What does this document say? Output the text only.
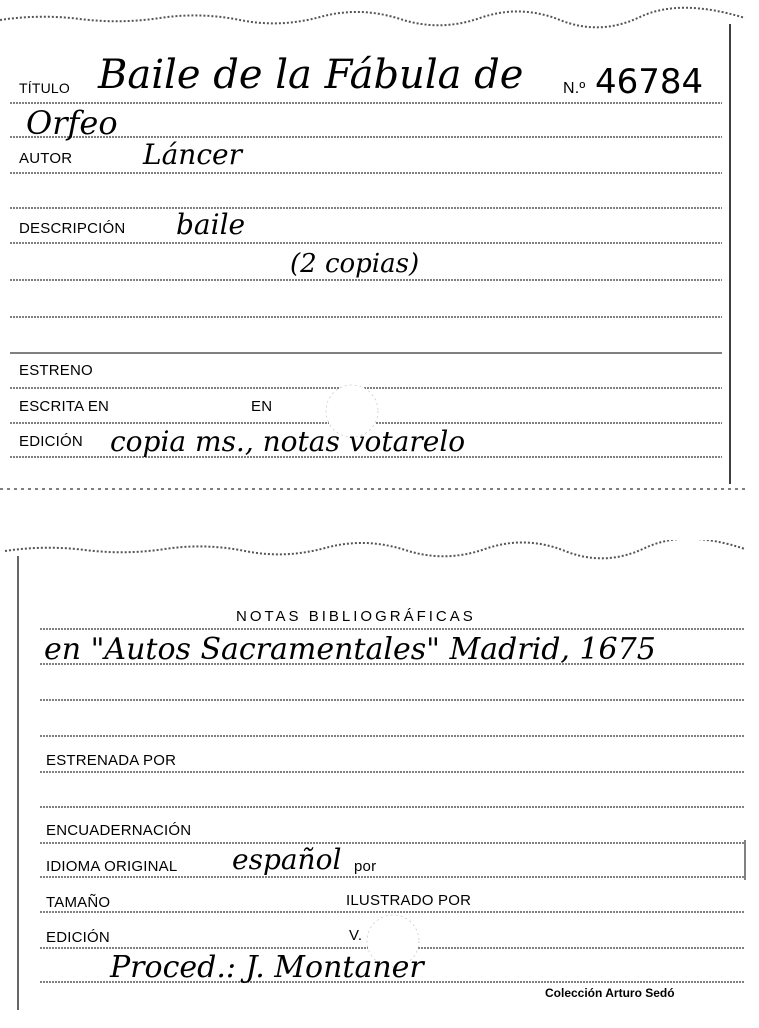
TÍTULO Baile de la Fábula de N.º 46784
Orfeo
AUTOR	Láncer
DESCRIPCIÓN baile
(2 copias)
ESTRENO
ESCRITA EN	EN
EDICIÓN copia ms., notas votarelo
NOTAS BIBLIOGRÁFICAS
en "Autos Sacramentales" Madrid, 1675
ESTRENADA POR
ENCUADERNACIÓN
IDIOMA ORIGINAL español por
TAMAÑO	ILUSTRADO POR
EDICIÓN	V.
Proced.: J. Montaner
Colección Arturo Sedó
